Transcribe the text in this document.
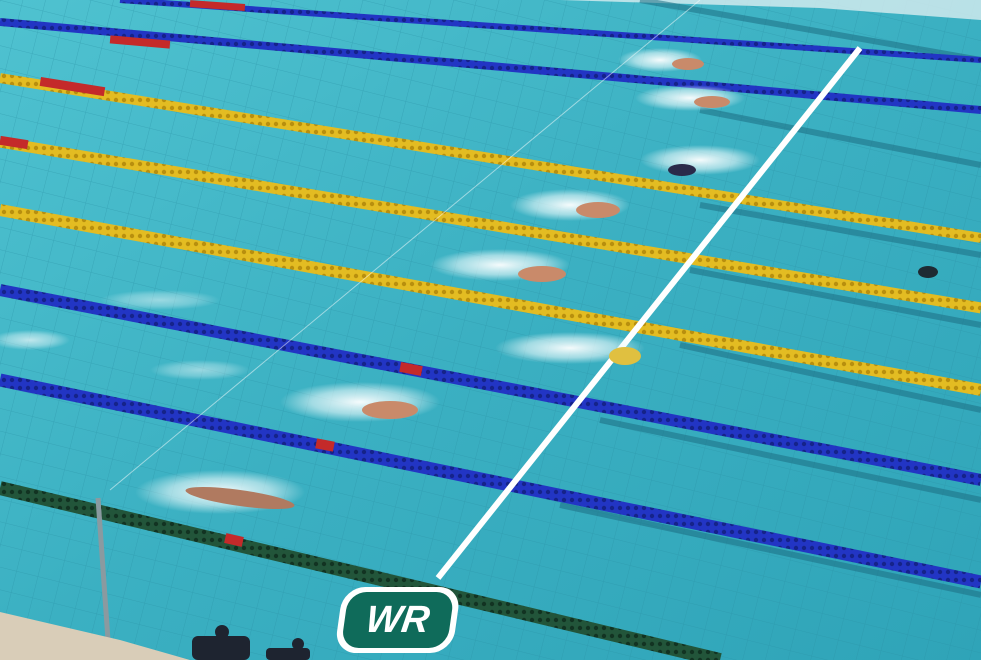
WR
